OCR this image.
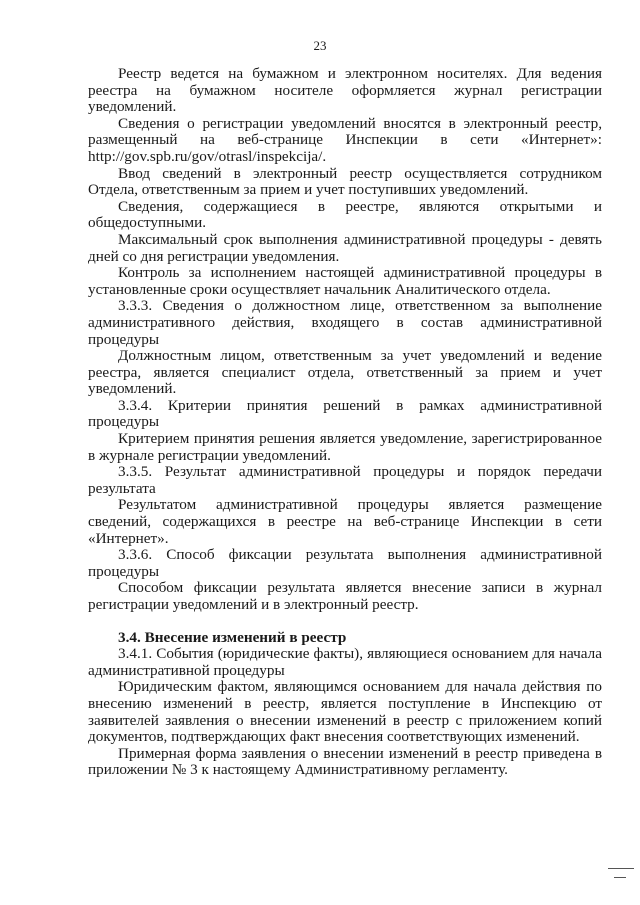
23

Реестр ведется на бумажном и электронном носителях. Для ведения реестра на бумажном носителе оформляется журнал регистрации уведомлений.

Сведения о регистрации уведомлений вносятся в электронный реестр, размещенный на веб-странице Инспекции в сети «Интернет»: http://gov.spb.ru/gov/otrasl/inspekcija/.

Ввод сведений в электронный реестр осуществляется сотрудником Отдела, ответственным за прием и учет поступивших уведомлений.

Сведения, содержащиеся в реестре, являются открытыми и общедоступными.

Максимальный срок выполнения административной процедуры - девять дней со дня регистрации уведомления.

Контроль за исполнением настоящей административной процедуры в установленные сроки осуществляет начальник Аналитического отдела.

3.3.3. Сведения о должностном лице, ответственном за выполнение административного действия, входящего в состав административной процедуры

Должностным лицом, ответственным за учет уведомлений и ведение реестра, является специалист отдела, ответственный за прием и учет уведомлений.

3.3.4. Критерии принятия решений в рамках административной процедуры

Критерием принятия решения является уведомление, зарегистрированное в журнале регистрации уведомлений.

3.3.5. Результат административной процедуры и порядок передачи результата

Результатом административной процедуры является размещение сведений, содержащихся в реестре на веб-странице Инспекции в сети «Интернет».

3.3.6. Способ фиксации результата выполнения административной процедуры

Способом фиксации результата является внесение записи в журнал регистрации уведомлений и в электронный реестр.

3.4. Внесение изменений в реестр

3.4.1. События (юридические факты), являющиеся основанием для начала административной процедуры

Юридическим фактом, являющимся основанием для начала действия по внесению изменений в реестр, является поступление в Инспекцию от заявителей заявления о внесении изменений в реестр с приложением копий документов, подтверждающих факт внесения соответствующих изменений.

Примерная форма заявления о внесении изменений в реестр приведена в приложении № 3 к настоящему Административному регламенту.
